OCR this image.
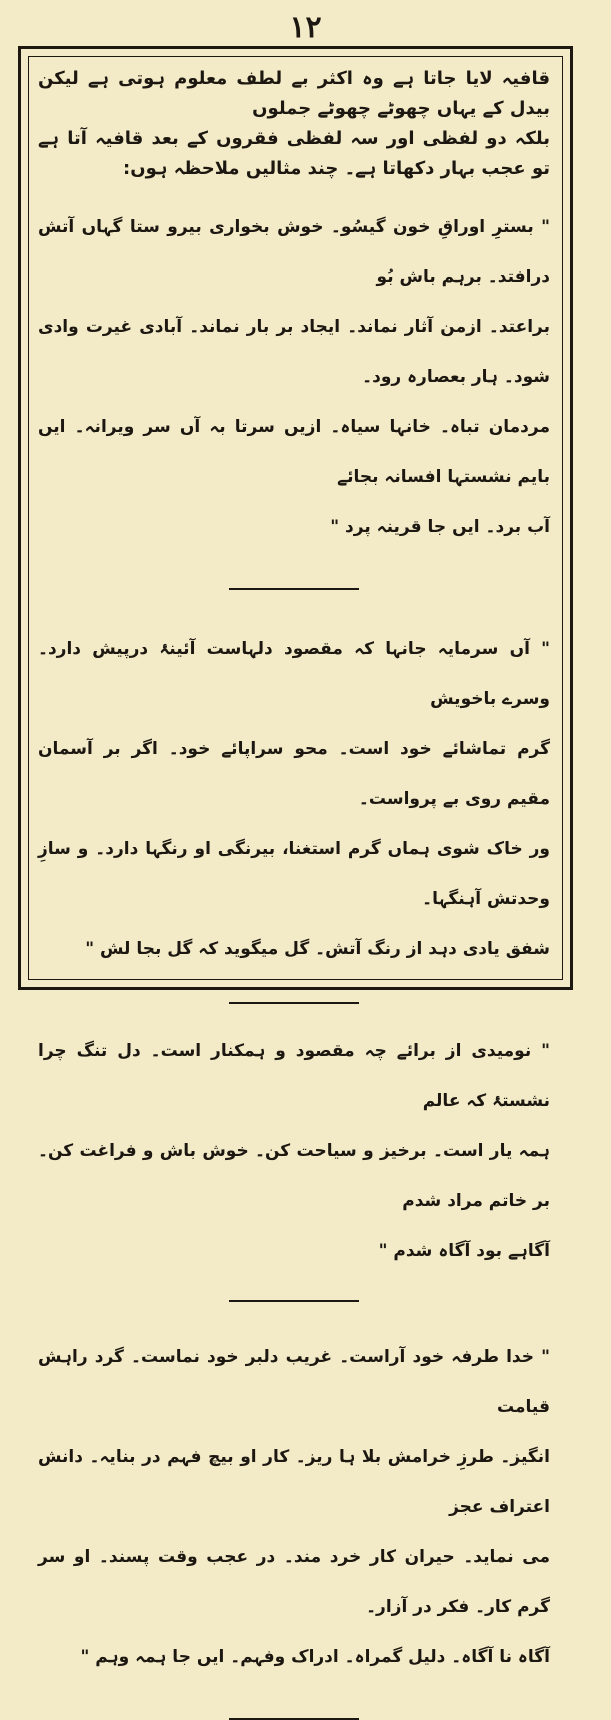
١٢

قافیہ لایا جاتا ہے وہ اکثر بے لطف معلوم ہوتی ہے لیکن بیدل کے یہاں چھوٹے چھوٹے جملوں

بلکہ دو لفظی اور سہ لفظی فقروں کے بعد قافیہ آتا ہے تو عجب بہار دکھاتا ہے۔ چند مثالیں ملاحظہ ہوں:

" بسترِ اوراقِ خون گیسُو۔ خوش بخواری بیرو ستا گہاں آتش درافتد۔ برہم باش بُو

براعتد۔ ازمن آثار نماند۔ ایجاد بر بار نماند۔ آبادی غیرت وادی شود۔ ہار بعصارہ رود۔

مردمان تباہ۔ خانہا سیاہ۔ ازیں سرتا بہ آں سر ویرانہ۔ ایں بایم نشستہا افسانہ بجائے

آب برد۔ ایں جا قرینہ پرد "

" آں سرمایہ جانہا کہ مقصود دلہاست آئینۂ درپیش دارد۔ وسرے باخویش

گرم تماشائے خود است۔ محو سراپائے خود۔ اگر بر آسمان مقیم روی بے پرواست۔

ور خاک شوی ہماں گرم استغنا، بیرنگی او رنگہا دارد۔ و سازِ وحدتش آہنگہا۔

شفق یادی دہد از رنگ آتش۔ گل میگوید کہ گل بجا لش "

" نومیدی از برائے چہ مقصود و ہمکنار است۔ دل تنگ چرا نشستۂ کہ عالم

ہمہ یار است۔ برخیز و سیاحت کن۔ خوش باش و فراغت کن۔ بر خاتم مراد شدم

آگاہے بود آگاہ شدم "

" خدا طرفہ خود آراست۔ غریب دلبر خود نماست۔ گرد راہش قیامت

انگیز۔ طرزِ خرامش بلا ہا ریز۔ کار او بیچ فہم در بنایہ۔ دانش اعتراف عجز

می نماید۔ حیران کار خرد مند۔ در عجب وقت پسند۔ او سر گرم کار۔ فکر در آزار۔

آگاہ نا آگاہ۔ دلیل گمراہ۔ ادراک وفہم۔ ایں جا ہمہ وہم "
